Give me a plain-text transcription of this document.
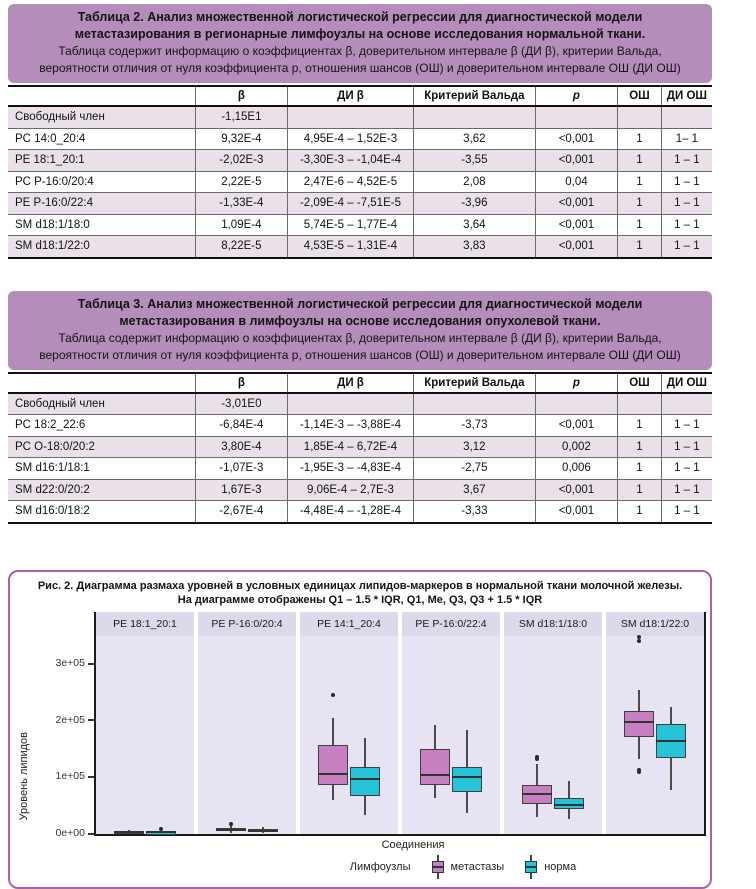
Таблица 2. Анализ множественной логистической регрессии для диагностической модели метастазирования в регионарные лимфоузлы на основе исследования нормальной ткани.
Таблица содержит информацию о коэффициентах β, доверительном интервале β (ДИ β), критерии Вальда, вероятности отличия от нуля коэффициента p, отношения шансов (ОШ) и доверительном интервале ОШ (ДИ ОШ)
	β	ДИ β	Критерий Вальда	p	ОШ	ДИ ОШ
Свободный член	-1,15E1					
PC 14:0_20:4	9,32E-4	4,95E-4 – 1,52E-3	3,62	<0,001	1	1– 1
PE 18:1_20:1	-2,02E-3	-3,30E-3 – -1,04E-4	-3,55	<0,001	1	1 – 1
PC P-16:0/20:4	2,22E-5	2,47E-6 – 4,52E-5	2,08	0,04	1	1 – 1
PE P-16:0/22:4	-1,33E-4	-2,09E-4 – -7,51E-5	-3,96	<0,001	1	1 – 1
SM d18:1/18:0	1,09E-4	5,74E-5 – 1,77E-4	3,64	<0,001	1	1 – 1
SM d18:1/22:0	8,22E-5	4,53E-5 – 1,31E-4	3,83	<0,001	1	1 – 1
Таблица 3. Анализ множественной логистической регрессии для диагностической модели метастазирования в лимфоузлы на основе исследования опухолевой ткани.
Таблица содержит информацию о коэффициентах β, доверительном интервале β (ДИ β), критерии Вальда, вероятности отличия от нуля коэффициента p, отношения шансов (ОШ) и доверительном интервале ОШ (ДИ ОШ)
	β	ДИ β	Критерий Вальда	p	ОШ	ДИ ОШ
Свободный член	-3,01E0					
PC 18:2_22:6	-6,84E-4	-1,14E-3 – -3,88E-4	-3,73	<0,001	1	1 – 1
PC O-18:0/20:2	3,80E-4	1,85E-4 – 6,72E-4	3,12	0,002	1	1 – 1
SM d16:1/18:1	-1,07E-3	-1,95E-3 – -4,83E-4	-2,75	0,006	1	1 – 1
SM d22:0/20:2	1,67E-3	9,06E-4 – 2,7E-3	3,67	<0,001	1	1 – 1
SM d16:0/18:2	-2,67E-4	-4,48E-4 – -1,28E-4	-3,33	<0,001	1	1 – 1
Рис. 2. Диаграмма размаха уровней в условных единицах липидов-маркеров в нормальной ткани молочной железы.
На диаграмме отображены Q1 – 1.5 * IQR, Q1, Me, Q3, Q3 + 1.5 * IQR
Уровень липидов
0e+00
1e+05
2e+05
3e+05
PE 18:1_20:1	PE P-16:0/20:4	PE 14:1_20:4	PE P-16:0/22:4	SM d18:1/18:0	SM d18:1/22:0
Соединения
Лимфоузлы	метастазы	норма
